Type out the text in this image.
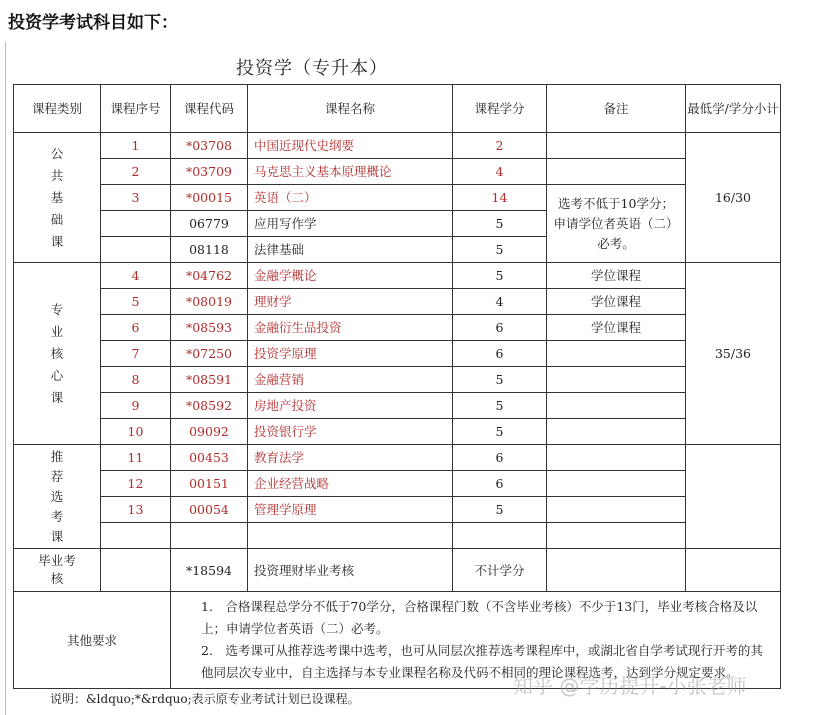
投资学考试科目如下：
投资学（专升本）
课程类别	课程序号	课程代码	课程名称	课程学分	备注	最低学/学分小计
公共基础课	1	*03708	中国近现代史纲要	2		16/30
	2	*03709	马克思主义基本原理概论	4		
	3	*00015	英语（二）	14	选考不低于10学分；申请学位者英语（二）必考。	
		06779	应用写作学	5		
		08118	法律基础	5		
专业核心课	4	*04762	金融学概论	5	学位课程	35/36
	5	*08019	理财学	4	学位课程	
	6	*08593	金融衍生品投资	6	学位课程	
	7	*07250	投资学原理	6		
	8	*08591	金融营销	5		
	9	*08592	房地产投资	5		
	10	09092	投资银行学	5		
推荐选考课	11	00453	教育法学	6		
	12	00151	企业经营战略	6		
	13	00054	管理学原理	5		

毕业考核		*18594	投资理财毕业考核	不计学分		
其他要求		1.　合格课程总学分不低于70学分，合格课程门数（不含毕业考核）不少于13门，毕业考核合格及以上；申请学位者英语（二）必考。
2.　选考课可从推荐选考课中选考，也可从同层次推荐选考课程库中，或湖北省自学考试现行开考的其他同层次专业中，自主选择与本专业课程名称及代码不相同的理论课程选考，达到学分规定要求。				
说明：&ldquo;*&rdquo;表示原专业考试计划已设课程。
知乎 @学历提升-小张老师
